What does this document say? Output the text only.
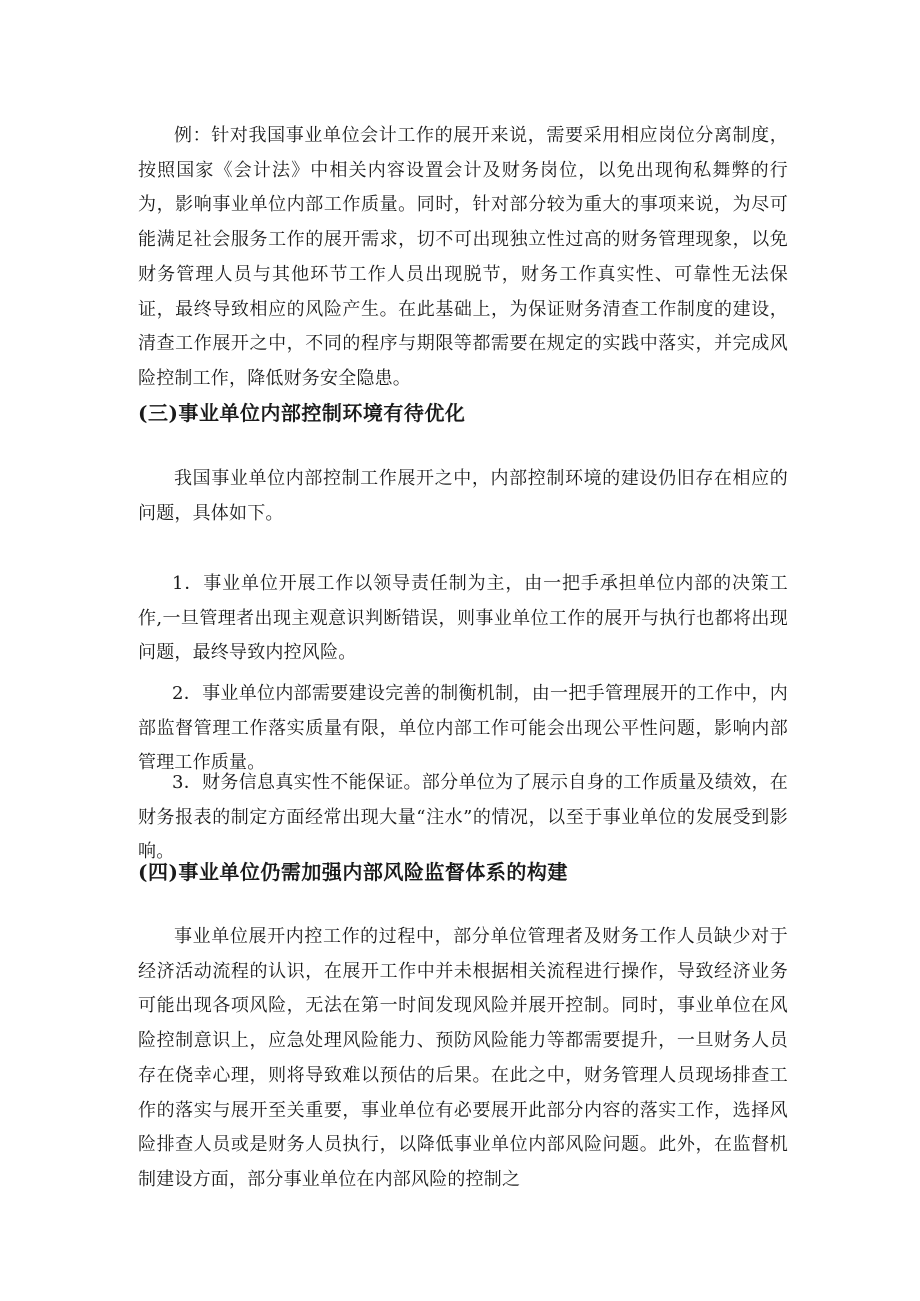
例：针对我国事业单位会计工作的展开来说，需要采用相应岗位分离制度，按照国家《会计法》中相关内容设置会计及财务岗位，以免出现徇私舞弊的行为，影响事业单位内部工作质量。同时，针对部分较为重大的事项来说，为尽可能满足社会服务工作的展开需求，切不可出现独立性过高的财务管理现象，以免财务管理人员与其他环节工作人员出现脱节，财务工作真实性、可靠性无法保证，最终导致相应的风险产生。在此基础上，为保证财务清查工作制度的建设，清查工作展开之中，不同的程序与期限等都需要在规定的实践中落实，并完成风险控制工作，降低财务安全隐患。

(三)事业单位内部控制环境有待优化

我国事业单位内部控制工作展开之中，内部控制环境的建设仍旧存在相应的问题，具体如下。

1．事业单位开展工作以领导责任制为主，由一把手承担单位内部的决策工作,一旦管理者出现主观意识判断错误，则事业单位工作的展开与执行也都将出现问题，最终导致内控风险。

2．事业单位内部需要建设完善的制衡机制，由一把手管理展开的工作中，内部监督管理工作落实质量有限，单位内部工作可能会出现公平性问题，影响内部管理工作质量。

3．财务信息真实性不能保证。部分单位为了展示自身的工作质量及绩效，在财务报表的制定方面经常出现大量“注水”的情况，以至于事业单位的发展受到影响。

(四)事业单位仍需加强内部风险监督体系的构建

事业单位展开内控工作的过程中，部分单位管理者及财务工作人员缺少对于经济活动流程的认识，在展开工作中并未根据相关流程进行操作，导致经济业务可能出现各项风险，无法在第一时间发现风险并展开控制。同时，事业单位在风险控制意识上，应急处理风险能力、预防风险能力等都需要提升，一旦财务人员存在侥幸心理，则将导致难以预估的后果。在此之中，财务管理人员现场排查工作的落实与展开至关重要，事业单位有必要展开此部分内容的落实工作，选择风险排查人员或是财务人员执行，以降低事业单位内部风险问题。此外，在监督机制建设方面，部分事业单位在内部风险的控制之
